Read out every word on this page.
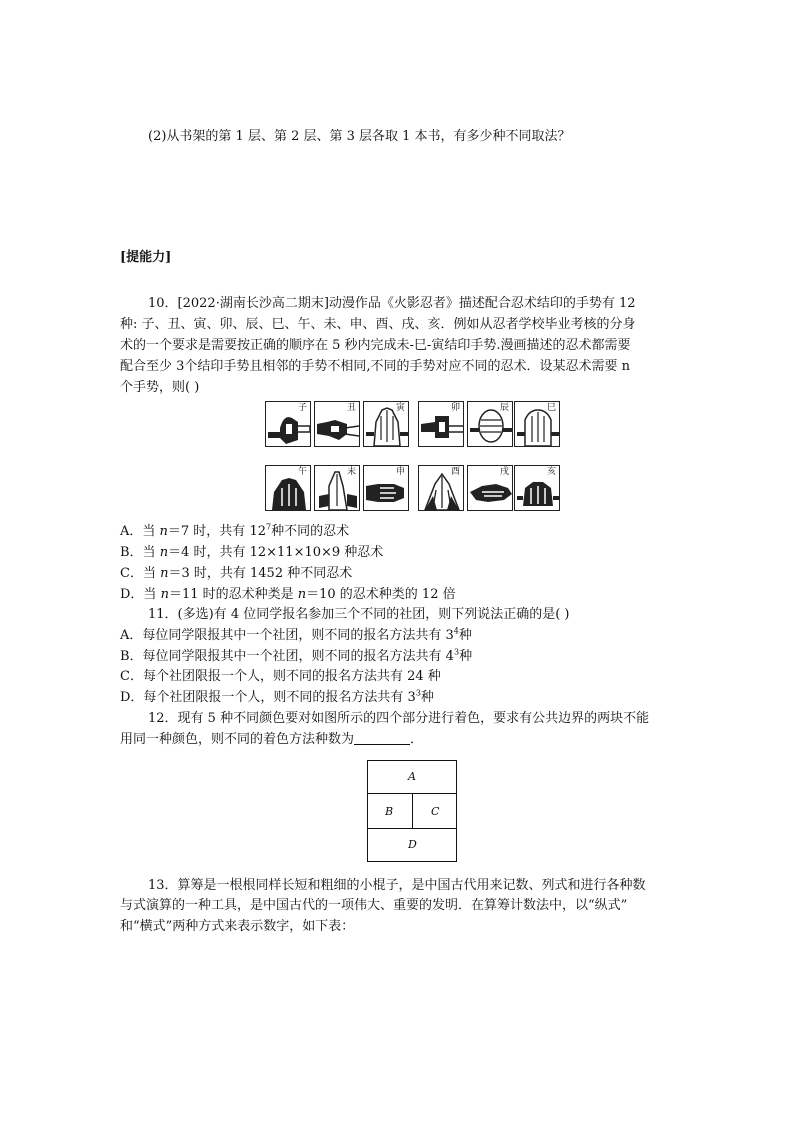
(2)从书架的第 1 层、第 2 层、第 3 层各取 1 本书，有多少种不同取法？
[提能力]
10．[2022·湖南长沙高二期末]动漫作品《火影忍者》描述配合忍术结印的手势有 12
种: 子、丑、寅、卯、辰、巳、午、未、申、酉、戌、亥．例如从忍者学校毕业考核的分身
术的一个要求是需要按正确的顺序在 5 秒内完成未-巳-寅结印手势.漫画描述的忍术都需要
配合至少 3个结印手势且相邻的手势不相同,不同的手势对应不同的忍术．设某忍术需要 n
个手势，则( )
子	丑	寅	卯	辰	巳
午	未	申	酉	戌	亥
A．当 n＝7 时，共有 $12^7$种不同的忍术
B．当 n＝4 时，共有 12×11×10×9 种忍术
C．当 n＝3 时，共有 1452 种不同忍术
D．当 n＝11 时的忍术种类是 n＝10 的忍术种类的 12 倍
11．(多选)有 4 位同学报名参加三个不同的社团，则下列说法正确的是( )
A．每位同学限报其中一个社团，则不同的报名方法共有 $3^4$种
B．每位同学限报其中一个社团，则不同的报名方法共有 $4^3$种
C．每个社团限报一个人，则不同的报名方法共有 24 种
D．每个社团限报一个人，则不同的报名方法共有 $3^3$种
12．现有 5 种不同颜色要对如图所示的四个部分进行着色，要求有公共边界的两块不能
用同一种颜色，则不同的着色方法种数为	．
A
B	C
D
13．算筹是一根根同样长短和粗细的小棍子，是中国古代用来记数、列式和进行各种数
与式演算的一种工具，是中国古代的一项伟大、重要的发明．在算筹计数法中，以“纵式”
和“横式”两种方式来表示数字，如下表：
